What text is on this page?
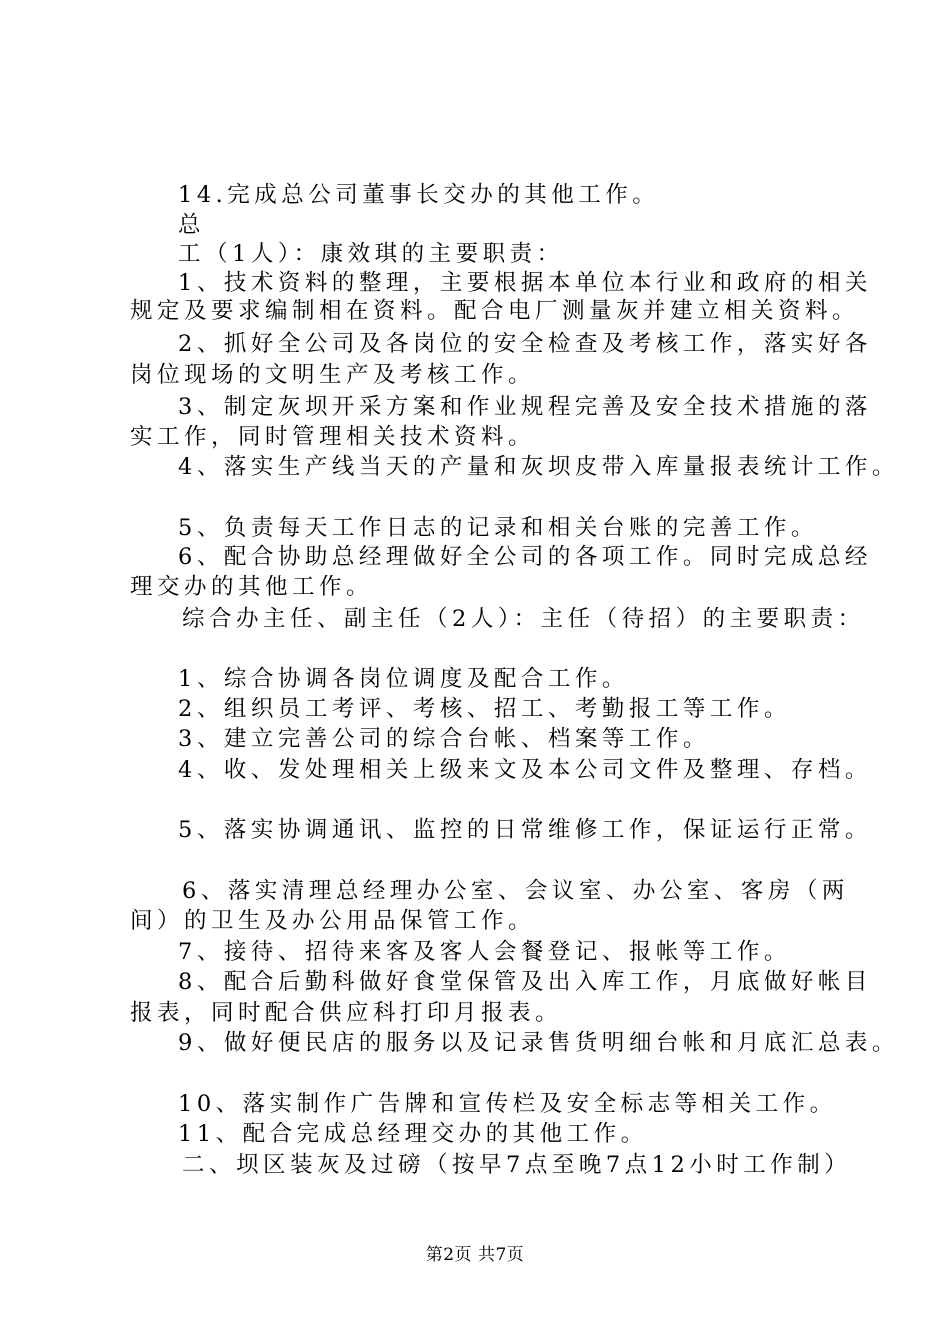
14.完成总公司董事长交办的其他工作。
总
工（1人）：康效琪的主要职责：
1、技术资料的整理，主要根据本单位本行业和政府的相关
规定及要求编制相在资料。配合电厂测量灰并建立相关资料。
2、抓好全公司及各岗位的安全检查及考核工作，落实好各
岗位现场的文明生产及考核工作。
3、制定灰坝开采方案和作业规程完善及安全技术措施的落
实工作，同时管理相关技术资料。
4、落实生产线当天的产量和灰坝皮带入库量报表统计工作。
5、负责每天工作日志的记录和相关台账的完善工作。
6、配合协助总经理做好全公司的各项工作。同时完成总经
理交办的其他工作。
综合办主任、副主任（2人）：主任（待招）的主要职责：
1、综合协调各岗位调度及配合工作。
2、组织员工考评、考核、招工、考勤报工等工作。
3、建立完善公司的综合台帐、档案等工作。
4、收、发处理相关上级来文及本公司文件及整理、存档。
5、落实协调通讯、监控的日常维修工作，保证运行正常。
6、落实清理总经理办公室、会议室、办公室、客房（两
间）的卫生及办公用品保管工作。
7、接待、招待来客及客人会餐登记、报帐等工作。
8、配合后勤科做好食堂保管及出入库工作，月底做好帐目
报表，同时配合供应科打印月报表。
9、做好便民店的服务以及记录售货明细台帐和月底汇总表。
10、落实制作广告牌和宣传栏及安全标志等相关工作。
11、配合完成总经理交办的其他工作。
二、坝区装灰及过磅（按早7点至晚7点12小时工作制）
第2页 共7页
